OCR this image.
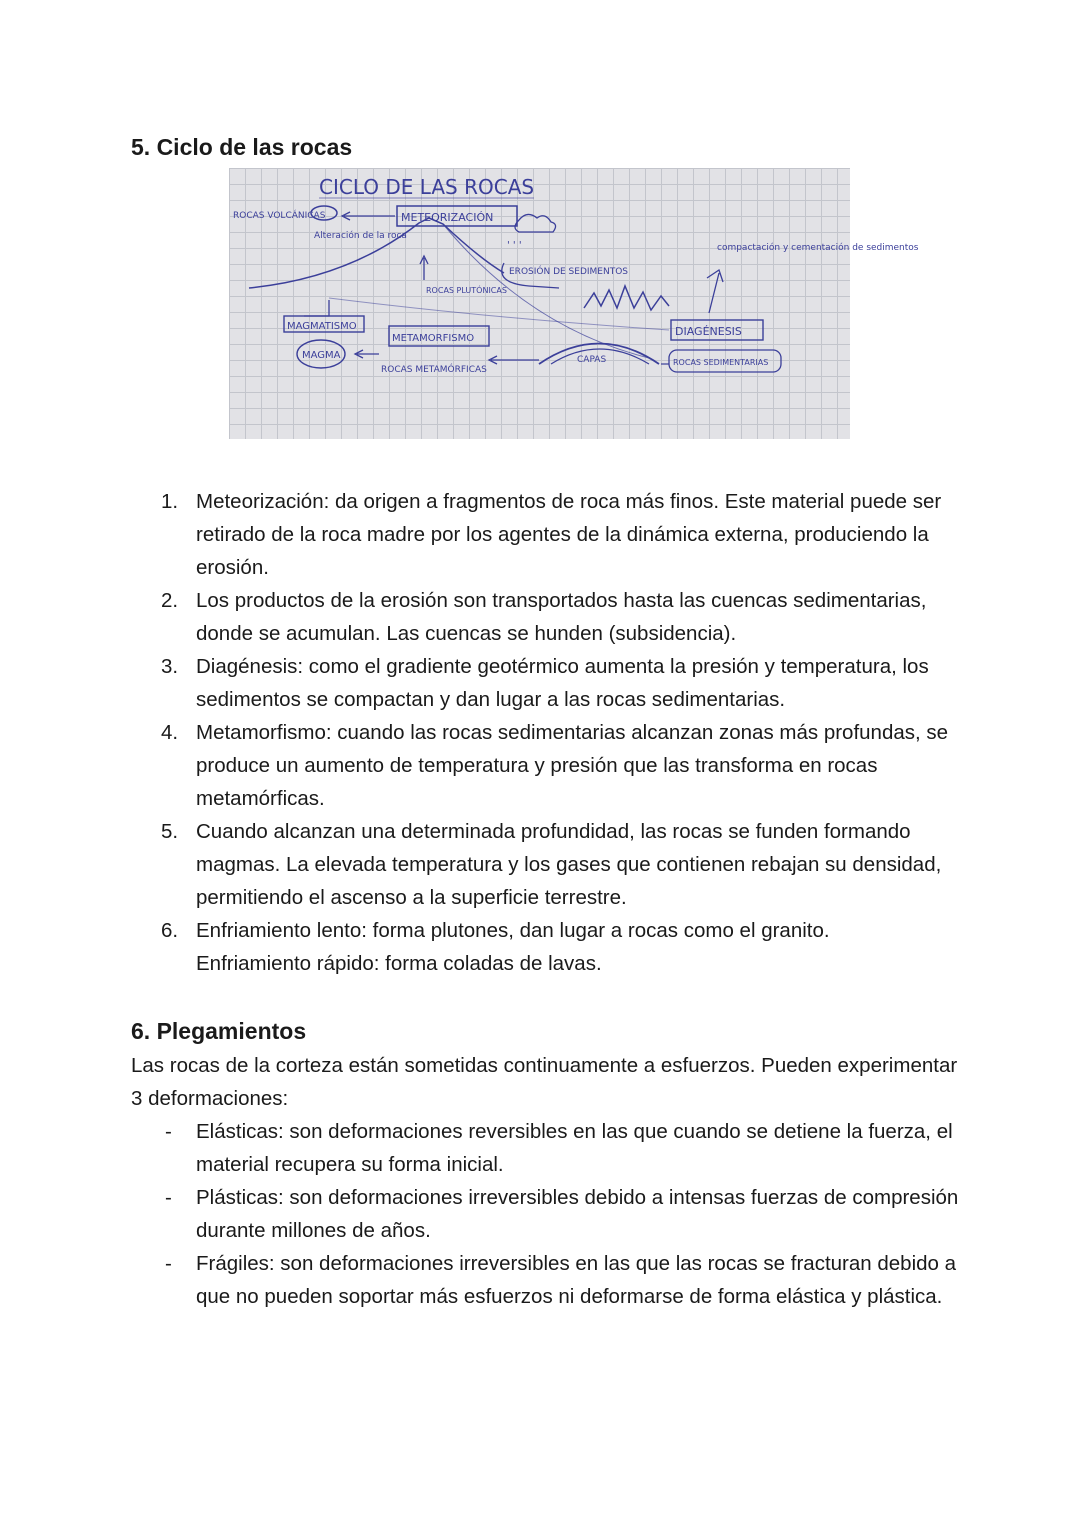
5. Ciclo de las rocas
CICLO DE LAS ROCAS
ROCAS VOLCÁNICAS	METEORIZACIÓN
' ' '
Alteración de la roca
ROCAS PLUTÓNICAS
EROSIÓN DE SEDIMENTOS
compactación y cementación de sedimentos
MAGMATISMO
MAGMA
METAMORFISMO
ROCAS METAMÓRFICAS
CAPAS
DIAGÉNESIS
ROCAS SEDIMENTARIAS
1. Meteorización: da origen a fragmentos de roca más finos. Este material puede ser retirado de la roca madre por los agentes de la dinámica externa, produciendo la erosión.
2. Los productos de la erosión son transportados hasta las cuencas sedimentarias, donde se acumulan. Las cuencas se hunden (subsidencia).
3. Diagénesis: como el gradiente geotérmico aumenta la presión y temperatura, los sedimentos se compactan y dan lugar a las rocas sedimentarias.
4. Metamorfismo: cuando las rocas sedimentarias alcanzan zonas más profundas, se produce un aumento de temperatura y presión que las transforma en rocas metamórficas.
5. Cuando alcanzan una determinada profundidad, las rocas se funden formando magmas. La elevada temperatura y los gases que contienen rebajan su densidad, permitiendo el ascenso a la superficie terrestre.
6. Enfriamiento lento: forma plutones, dan lugar a rocas como el granito.
Enfriamiento rápido: forma coladas de lavas.
6. Plegamientos

Las rocas de la corteza están sometidas continuamente a esfuerzos. Pueden experimentar 3 deformaciones:

- Elásticas: son deformaciones reversibles en las que cuando se detiene la fuerza, el material recupera su forma inicial.
- Plásticas: son deformaciones irreversibles debido a intensas fuerzas de compresión durante millones de años.
- Frágiles: son deformaciones irreversibles en las que las rocas se fracturan debido a que no pueden soportar más esfuerzos ni deformarse de forma elástica y plástica.
